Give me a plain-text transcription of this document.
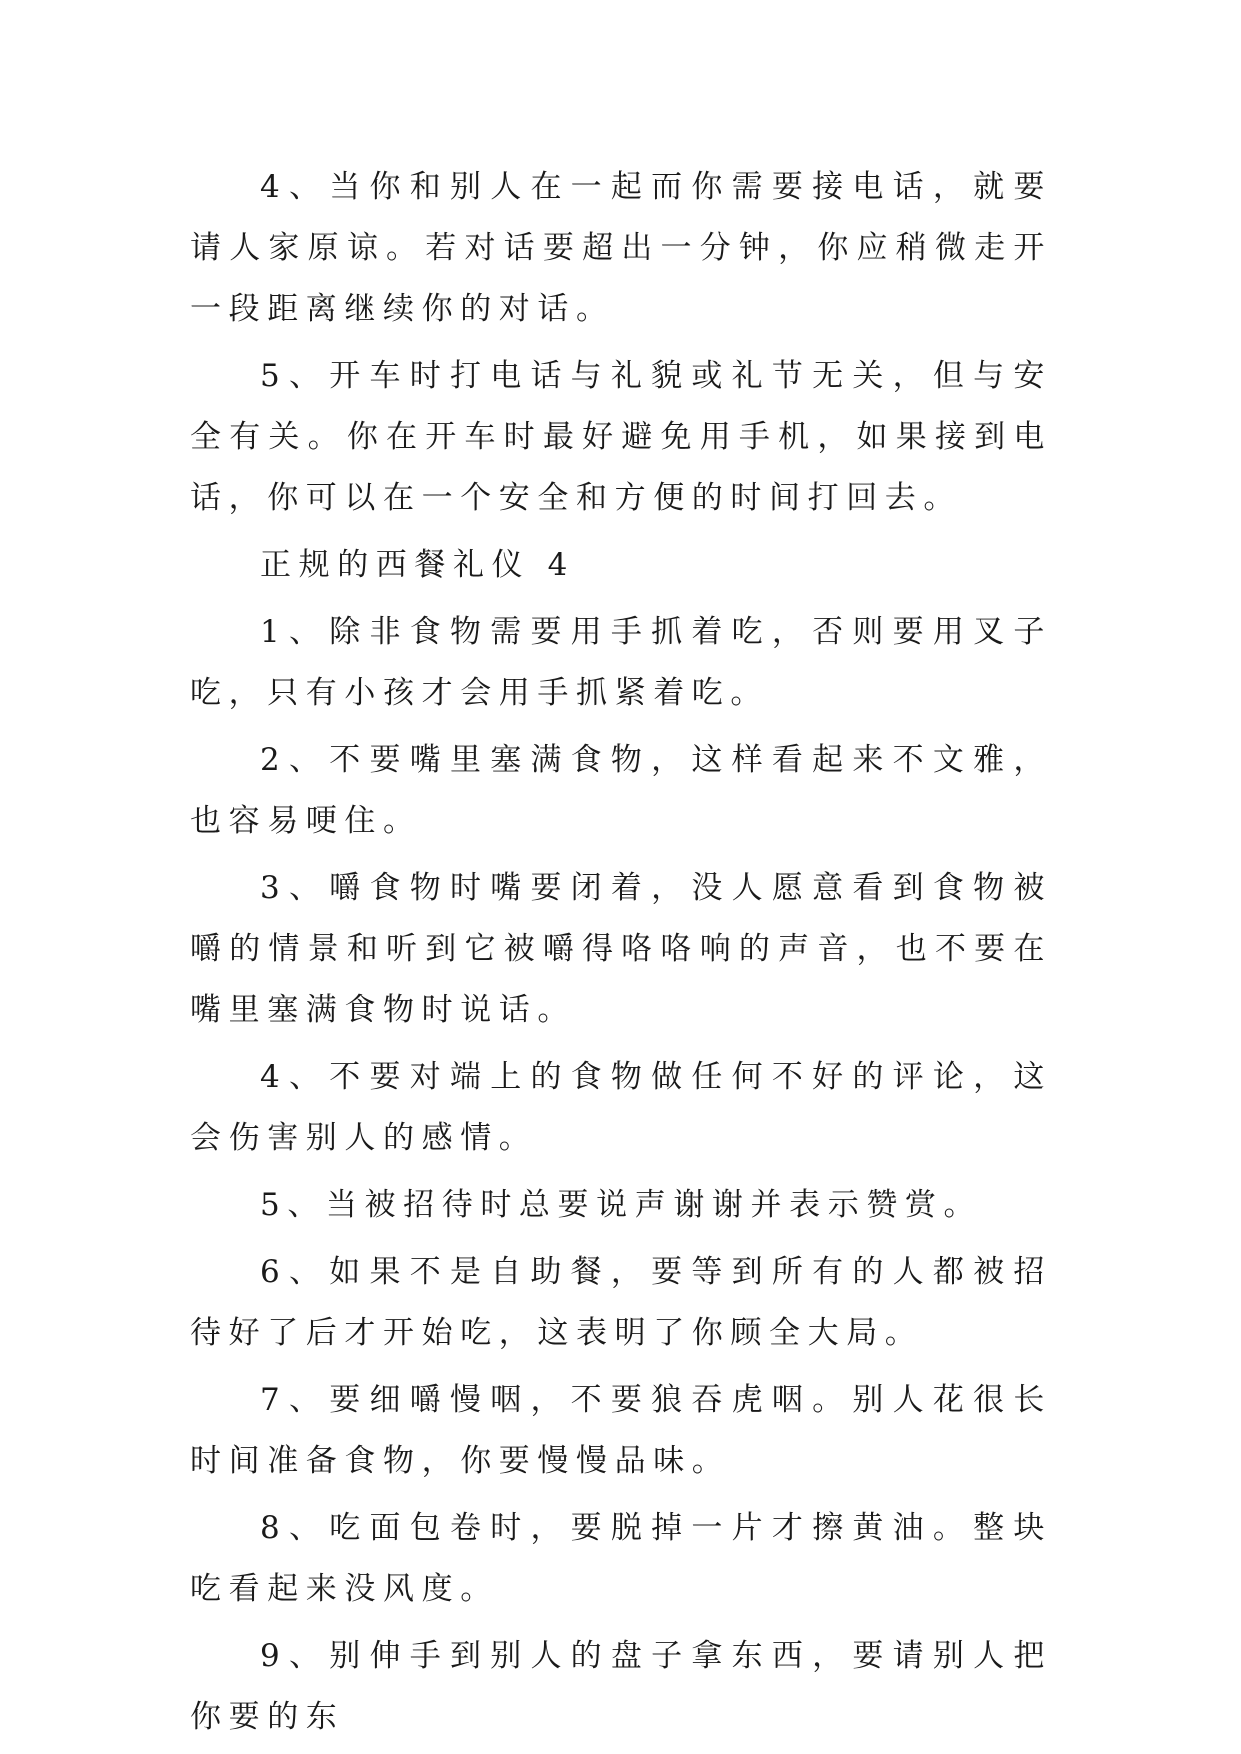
4、当你和别人在一起而你需要接电话，就要请人家原谅。若对话要超出一分钟，你应稍微走开一段距离继续你的对话。

5、开车时打电话与礼貌或礼节无关，但与安全有关。你在开车时最好避免用手机，如果接到电话，你可以在一个安全和方便的时间打回去。

正规的西餐礼仪 4

1、除非食物需要用手抓着吃，否则要用叉子吃，只有小孩才会用手抓紧着吃。

2、不要嘴里塞满食物，这样看起来不文雅，也容易哽住。

3、嚼食物时嘴要闭着，没人愿意看到食物被嚼的情景和听到它被嚼得咯咯响的声音，也不要在嘴里塞满食物时说话。

4、不要对端上的食物做任何不好的评论，这会伤害别人的感情。

5、当被招待时总要说声谢谢并表示赞赏。

6、如果不是自助餐，要等到所有的人都被招待好了后才开始吃，这表明了你顾全大局。

7、要细嚼慢咽，不要狼吞虎咽。别人花很长时间准备食物，你要慢慢品味。

8、吃面包卷时，要脱掉一片才擦黄油。整块吃看起来没风度。

9、别伸手到别人的盘子拿东西，要请别人把你要的东
